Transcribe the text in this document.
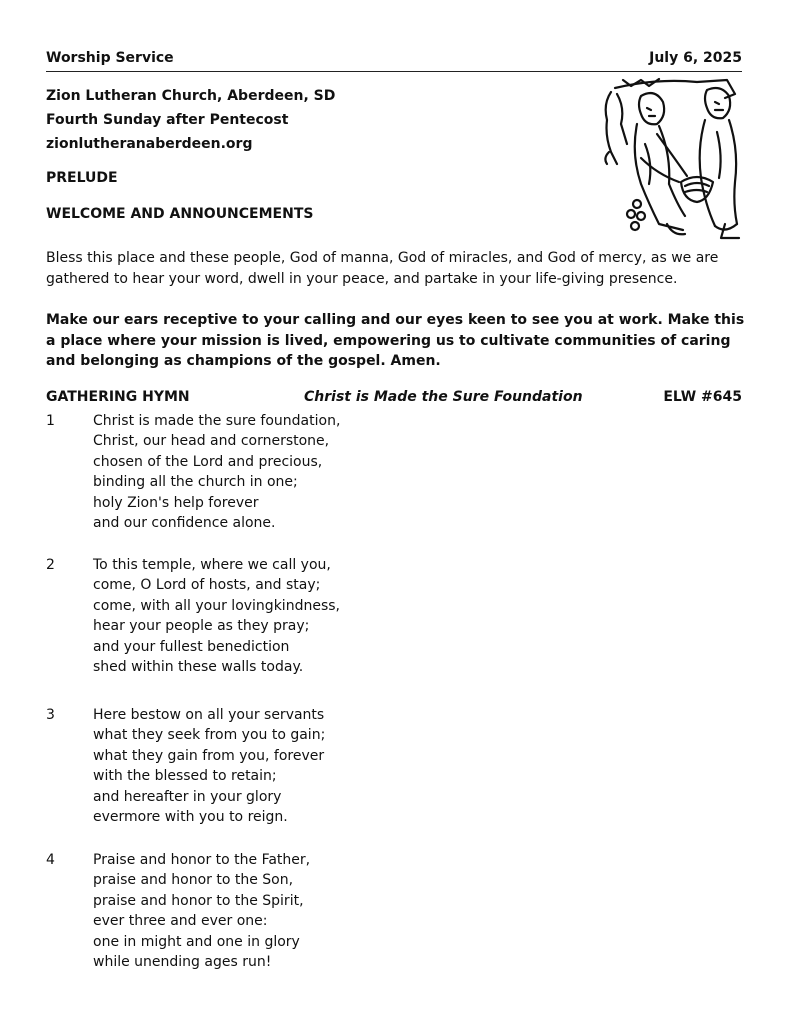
Worship Service	July 6, 2025
Zion Lutheran Church, Aberdeen, SD
Fourth Sunday after Pentecost
zionlutheranaberdeen.org
PRELUDE
WELCOME AND ANNOUNCEMENTS
Bless this place and these people, God of manna, God of miracles, and God of mercy, as we are gathered to hear your word, dwell in your peace, and partake in your life-giving presence.
Make our ears receptive to your calling and our eyes keen to see you at work. Make this a place where your mission is lived, empowering us to cultivate communities of caring and belonging as champions of the gospel. Amen.
GATHERING HYMN	Christ is Made the Sure Foundation	ELW #645
1	Christ is made the sure foundation,
Christ, our head and cornerstone,
chosen of the Lord and precious,
binding all the church in one;
holy Zion's help forever
and our confidence alone.
2	To this temple, where we call you,
come, O Lord of hosts, and stay;
come, with all your lovingkindness,
hear your people as they pray;
and your fullest benediction
shed within these walls today.
3	Here bestow on all your servants
what they seek from you to gain;
what they gain from you, forever
with the blessed to retain;
and hereafter in your glory
evermore with you to reign.
4	Praise and honor to the Father,
praise and honor to the Son,
praise and honor to the Spirit,
ever three and ever one:
one in might and one in glory
while unending ages run!
